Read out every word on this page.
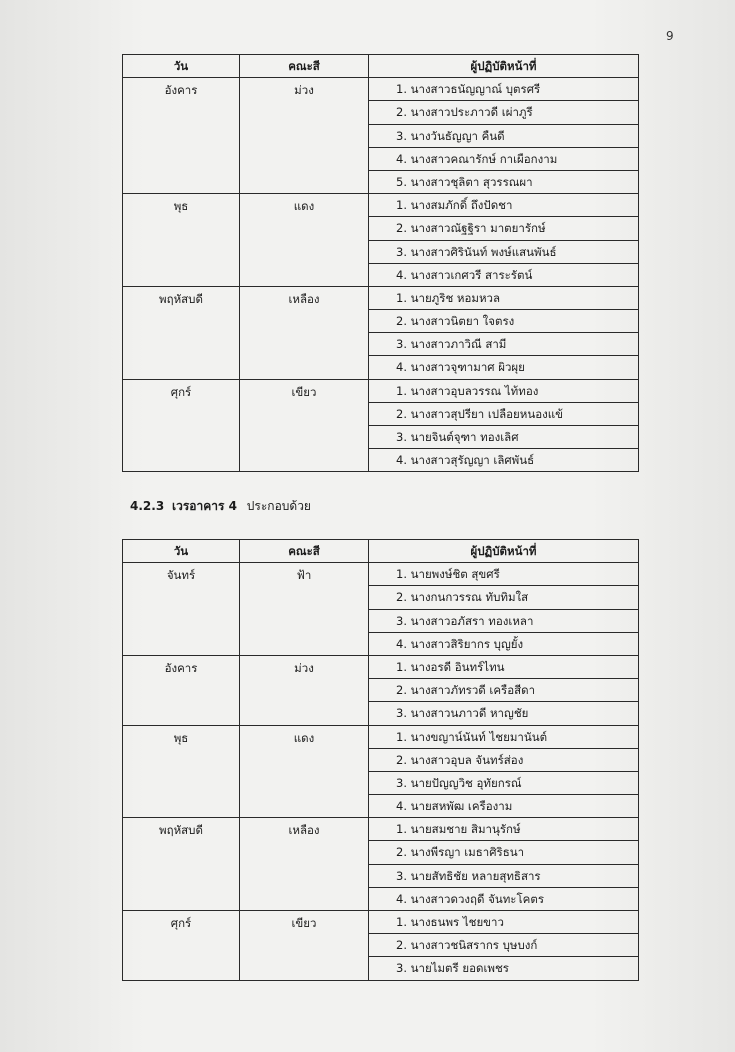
9
วัน	คณะสี	ผู้ปฏิบัติหน้าที่

อังคาร	ม่วง	1. นางสาวธนัญญาณ์ บุตรศรี
		2. นางสาวประภาวดี เผ่าภูรี
		3. นางวันธัญญา คืนดี
		4. นางสาวคณารักษ์ กาเผือกงาม
		5. นางสาวชุลิตา สุวรรณผา

พุธ	แดง	1. นางสมภักดิ์ ถึงปัดชา
		2. นางสาวณัฐฐิรา มาตยารักษ์
		3. นางสาวศิรินันท์ พงษ์แสนพันธ์
		4. นางสาวเกศวรี สาระรัตน์

พฤหัสบดี	เหลือง	1. นายภูริช หอมหวล
		2. นางสาวนิตยา ใจตรง
		3. นางสาวภาวิณี สามี
		4. นางสาวจุฑามาศ ผิวผุย

ศุกร์	เขียว	1. นางสาวอุบลวรรณ ไท้ทอง
		2. นางสาวสุปรียา เปลือยหนองแข้
		3. นายจินต์จุฑา ทองเลิศ
		4. นางสาวสุรัญญา เลิศพันธ์
4.2.3 เวรอาคาร 4 ประกอบด้วย
วัน	คณะสี	ผู้ปฏิบัติหน้าที่

จันทร์	ฟ้า	1. นายพงษ์ชิต สุขศรี
		2. นางกนกวรรณ ทับทิมใส
		3. นางสาวอภัสรา ทองเหลา
		4. นางสาวสิริยากร บุญยั้ง

อังคาร	ม่วง	1. นางอรดี อินทร์ไทน
		2. นางสาวภัทรวดี เครือสีดา
		3. นางสาวนภาวดี หาญชัย

พุธ	แดง	1. นางขญาน์นันท์ ไชยมานันต์
		2. นางสาวอุบล จันทร์ส่อง
		3. นายปัญญวิช อุทัยกรณ์
		4. นายสหพัฒ เครืองาม

พฤหัสบดี	เหลือง	1. นายสมชาย สิมานุรักษ์
		2. นางพีรญา เมธาศิริธนา
		3. นายสัทธิชัย หลายสุทธิสาร
		4. นางสาวดวงฤดี จันทะโคตร

ศุกร์	เขียว	1. นางธนพร ไชยขาว
		2. นางสาวชนิสรากร บุษบงก์
		3. นายไมตรี ยอดเพชร
